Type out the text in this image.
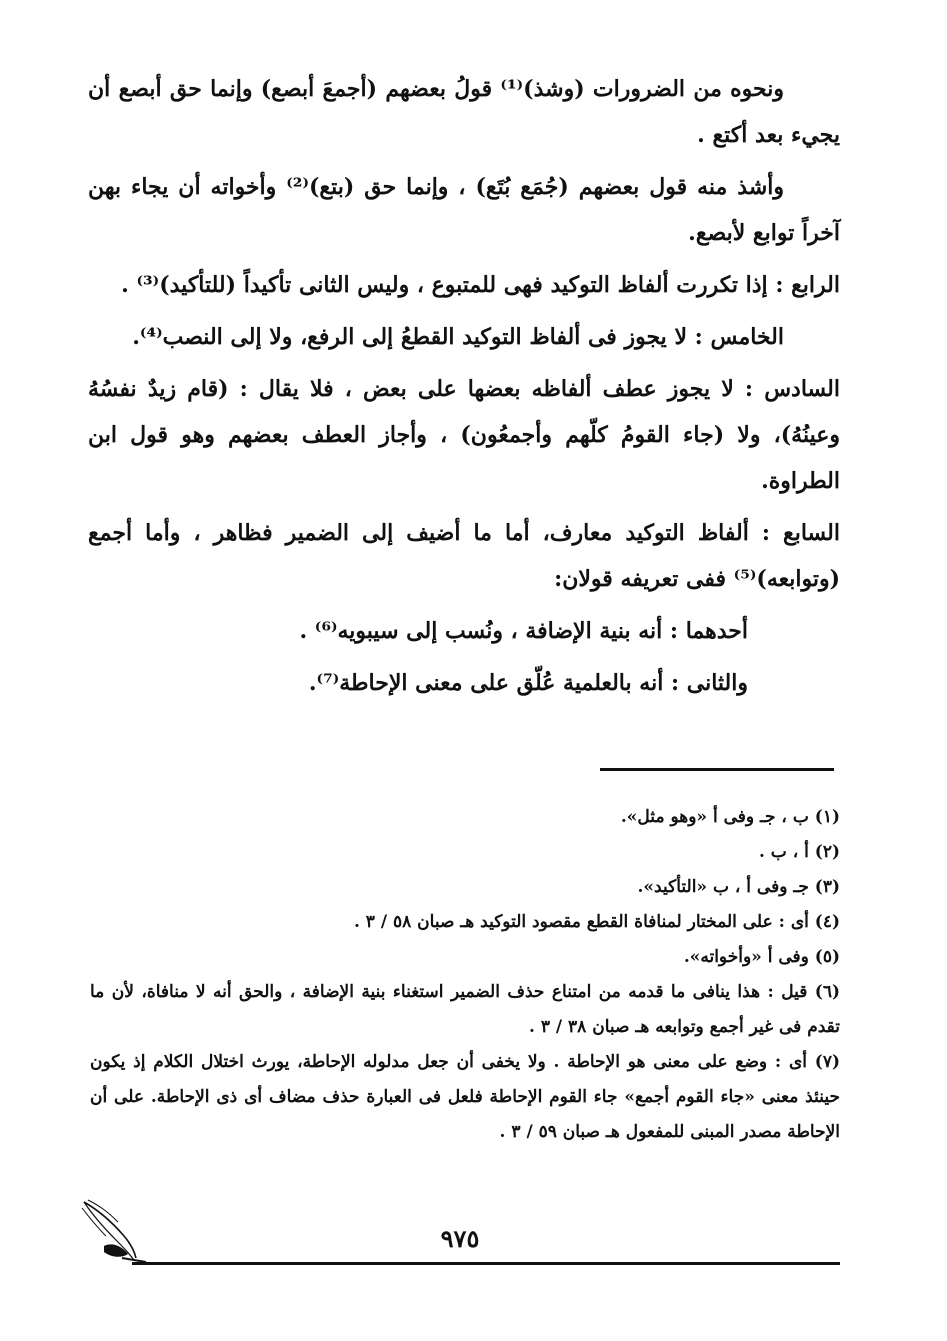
ونحوه من الضرورات (وشذ)⁽¹⁾ قولُ بعضهم (أجمعَ أبصع) وإنما حق أبصع أن يجيء بعد أكتع .

وأشذ منه قول بعضهم (جُمَع بُتَع) ، وإنما حق (بتع)⁽²⁾ وأخواته أن يجاء بهن آخراً توابع لأبصع.

الرابع : إذا تكررت ألفاظ التوكيد فهى للمتبوع ، وليس الثانى تأكيداً (للتأكيد)⁽³⁾ .

الخامس : لا يجوز فى ألفاظ التوكيد القطعُ إلى الرفع، ولا إلى النصب⁽⁴⁾.

السادس : لا يجوز عطف ألفاظه بعضها على بعض ، فلا يقال : (قام زيدٌ نفسُهُ وعينُهُ)، ولا (جاء القومُ كلّهم وأجمعُون) ، وأجاز العطف بعضهم وهو قول ابن الطراوة.

السابع : ألفاظ التوكيد معارف، أما ما أضيف إلى الضمير فظاهر ، وأما أجمع (وتوابعه)⁽⁵⁾ ففى تعريفه قولان:

أحدهما : أنه بنية الإضافة ، ونُسب إلى سيبويه⁽⁶⁾ .

والثانى : أنه بالعلمية عُلّق على معنى الإحاطة⁽⁷⁾.

(١) ب ، جـ وفى أ «وهو مثل».

(٢) أ ، ب .

(٣) جـ وفى أ ، ب «التأكيد».

(٤) أى : على المختار لمنافاة القطع مقصود التوكيد هـ صبان ٥٨ / ٣ .

(٥) وفى أ «وأخواته».

(٦) قيل : هذا ينافى ما قدمه من امتناع حذف الضمير استغناء بنية الإضافة ، والحق أنه لا منافاة، لأن ما تقدم فى غير أجمع وتوابعه هـ صبان ٣٨ / ٣ .

(٧) أى : وضع على معنى هو الإحاطة . ولا يخفى أن جعل مدلوله الإحاطة، يورث اختلال الكلام إذ يكون حينئذ معنى «جاء القوم أجمع» جاء القوم الإحاطة فلعل فى العبارة حذف مضاف أى ذى الإحاطة. على أن الإحاطة مصدر المبنى للمفعول هـ صبان ٥٩ / ٣ .

٩٧٥
